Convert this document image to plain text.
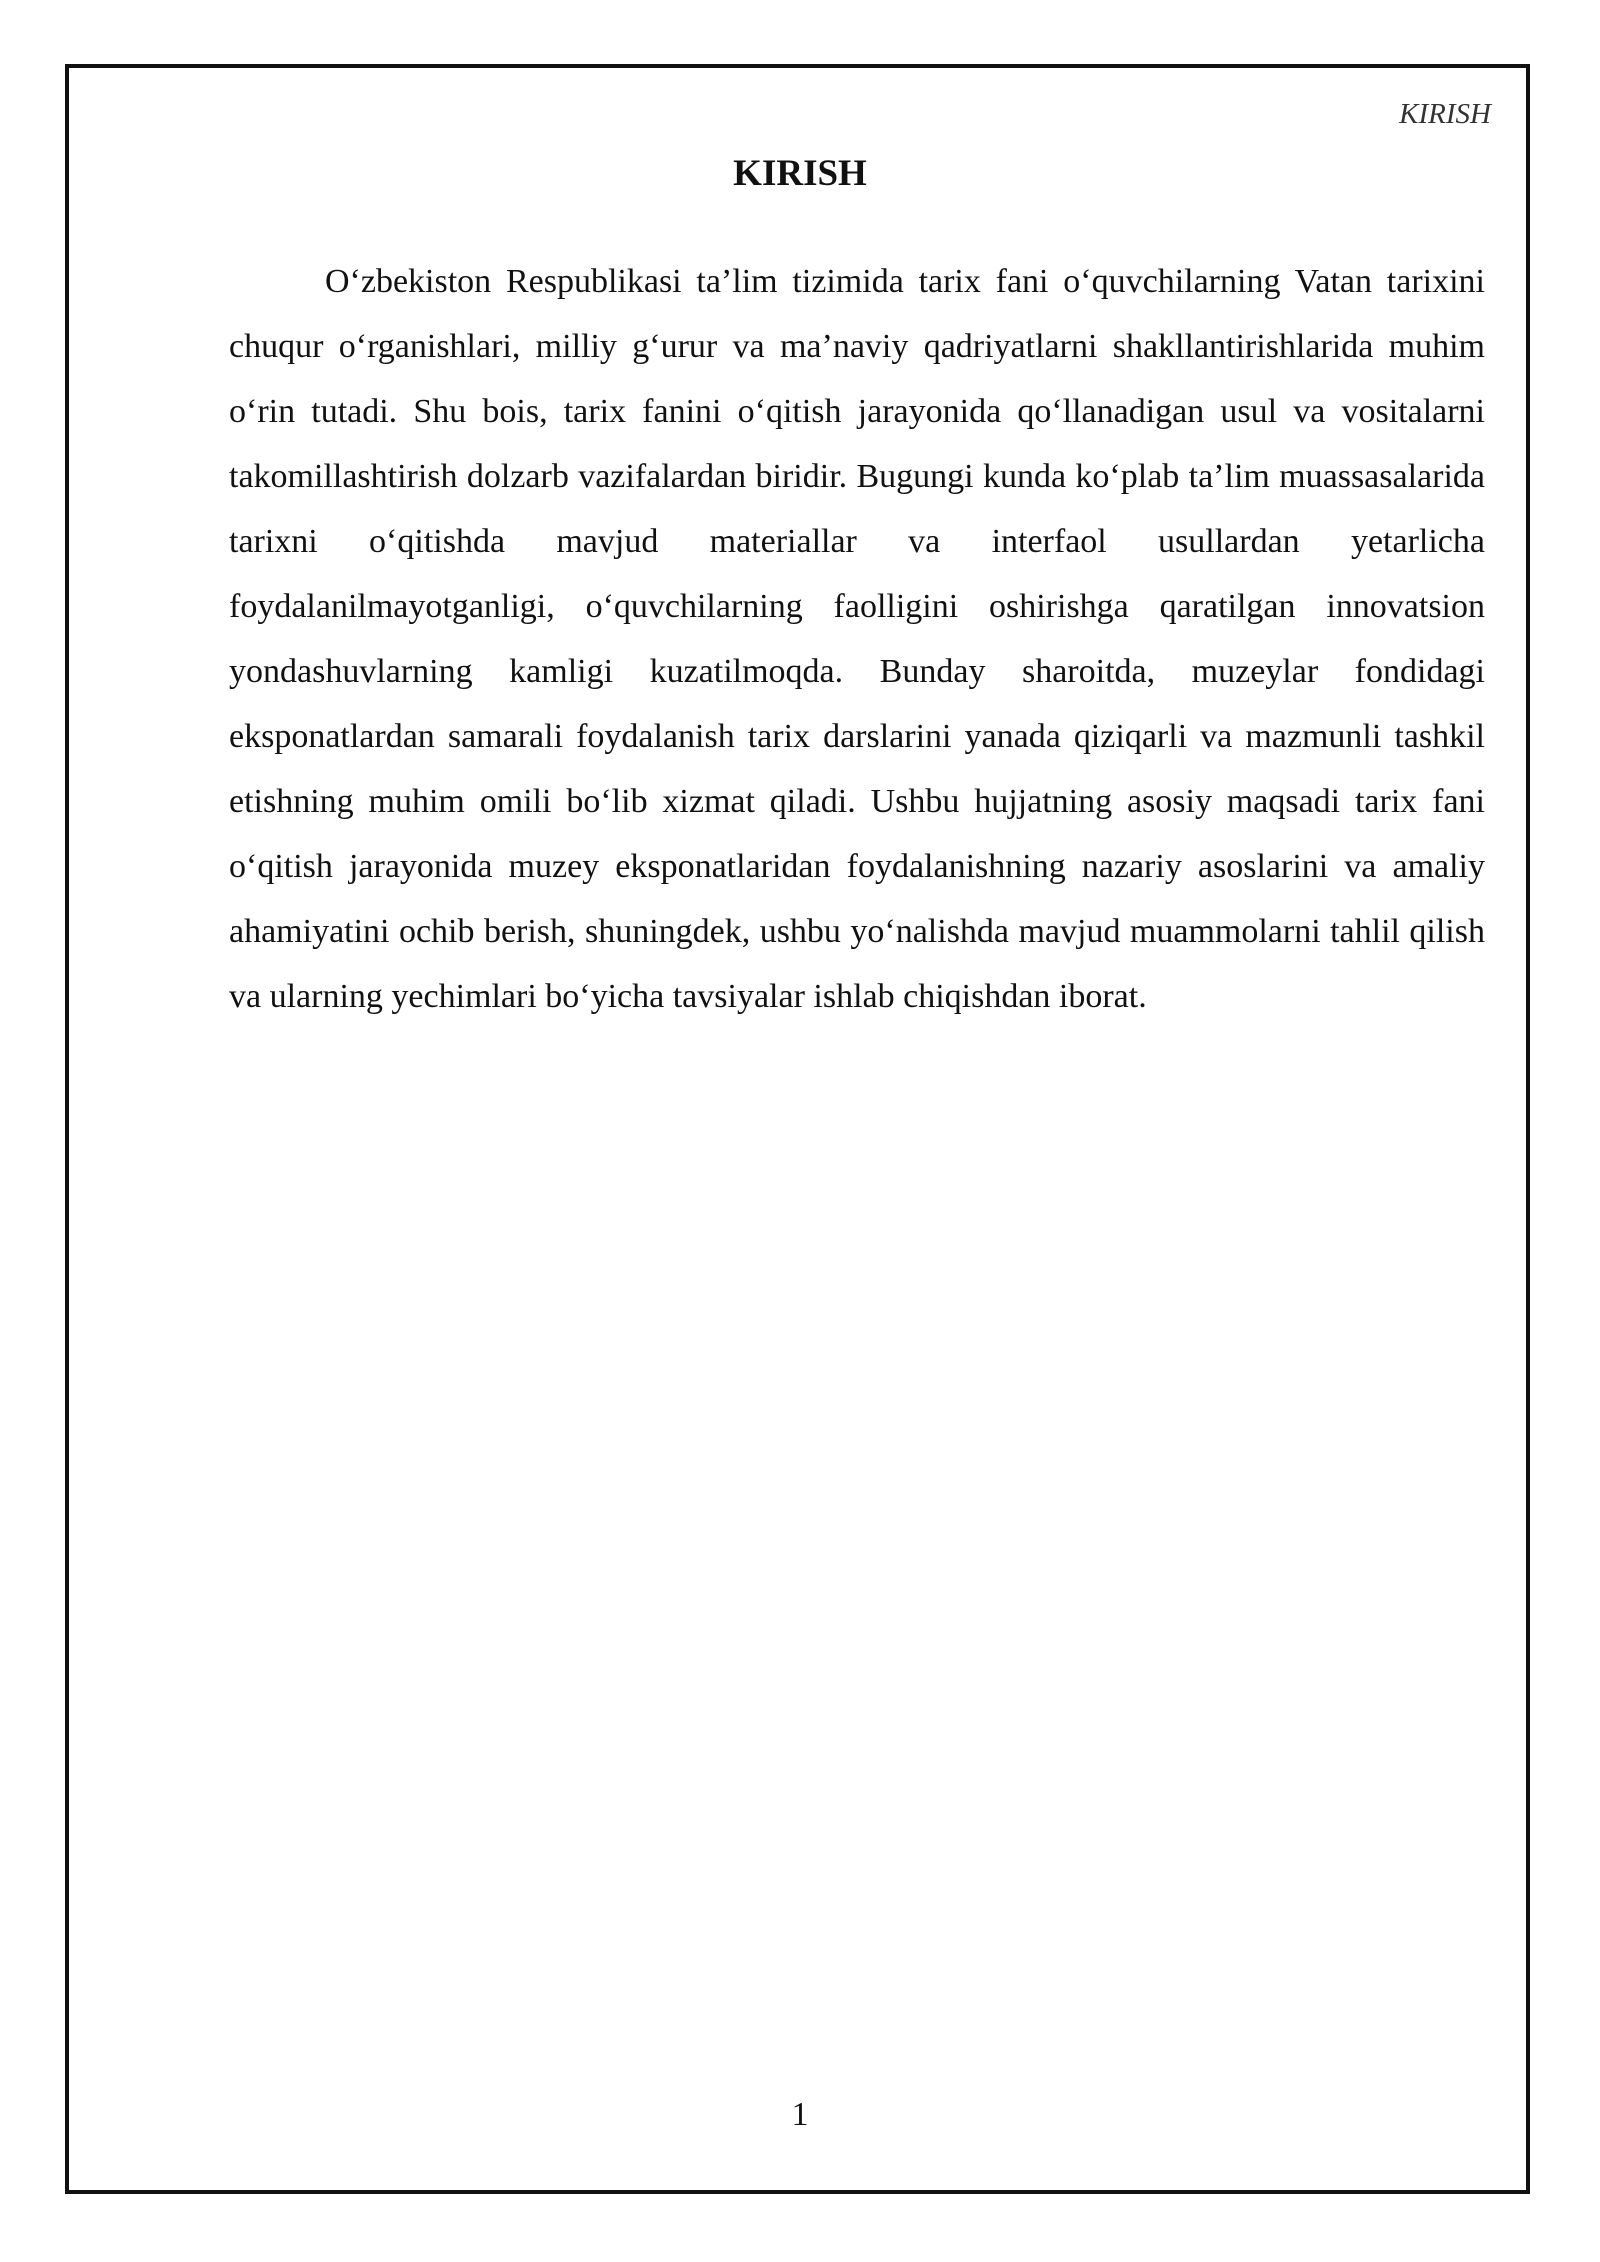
KIRISH
KIRISH

O‘zbekiston Respublikasi ta’lim tizimida tarix fani o‘quvchilarning Vatan tarixini chuqur o‘rganishlari, milliy g‘urur va ma’naviy qadriyatlarni shakllantirishlarida muhim o‘rin tutadi. Shu bois, tarix fanini o‘qitish jarayonida qo‘llanadigan usul va vositalarni takomillashtirish dolzarb vazifalardan biridir. Bugungi kunda ko‘plab ta’lim muassasalarida tarixni o‘qitishda mavjud materiallar va interfaol usullardan yetarlicha foydalanilmayotganligi, o‘quvchilarning faolligini oshirishga qaratilgan innovatsion yondashuvlarning kamligi kuzatilmoqda. Bunday sharoitda, muzeylar fondidagi eksponatlardan samarali foydalanish tarix darslarini yanada qiziqarli va mazmunli tashkil etishning muhim omili bo‘lib xizmat qiladi. Ushbu hujjatning asosiy maqsadi tarix fani o‘qitish jarayonida muzey eksponatlaridan foydalanishning nazariy asoslarini va amaliy ahamiyatini ochib berish, shuningdek, ushbu yo‘nalishda mavjud muammolarni tahlil qilish va ularning yechimlari bo‘yicha tavsiyalar ishlab chiqishdan iborat.

1
